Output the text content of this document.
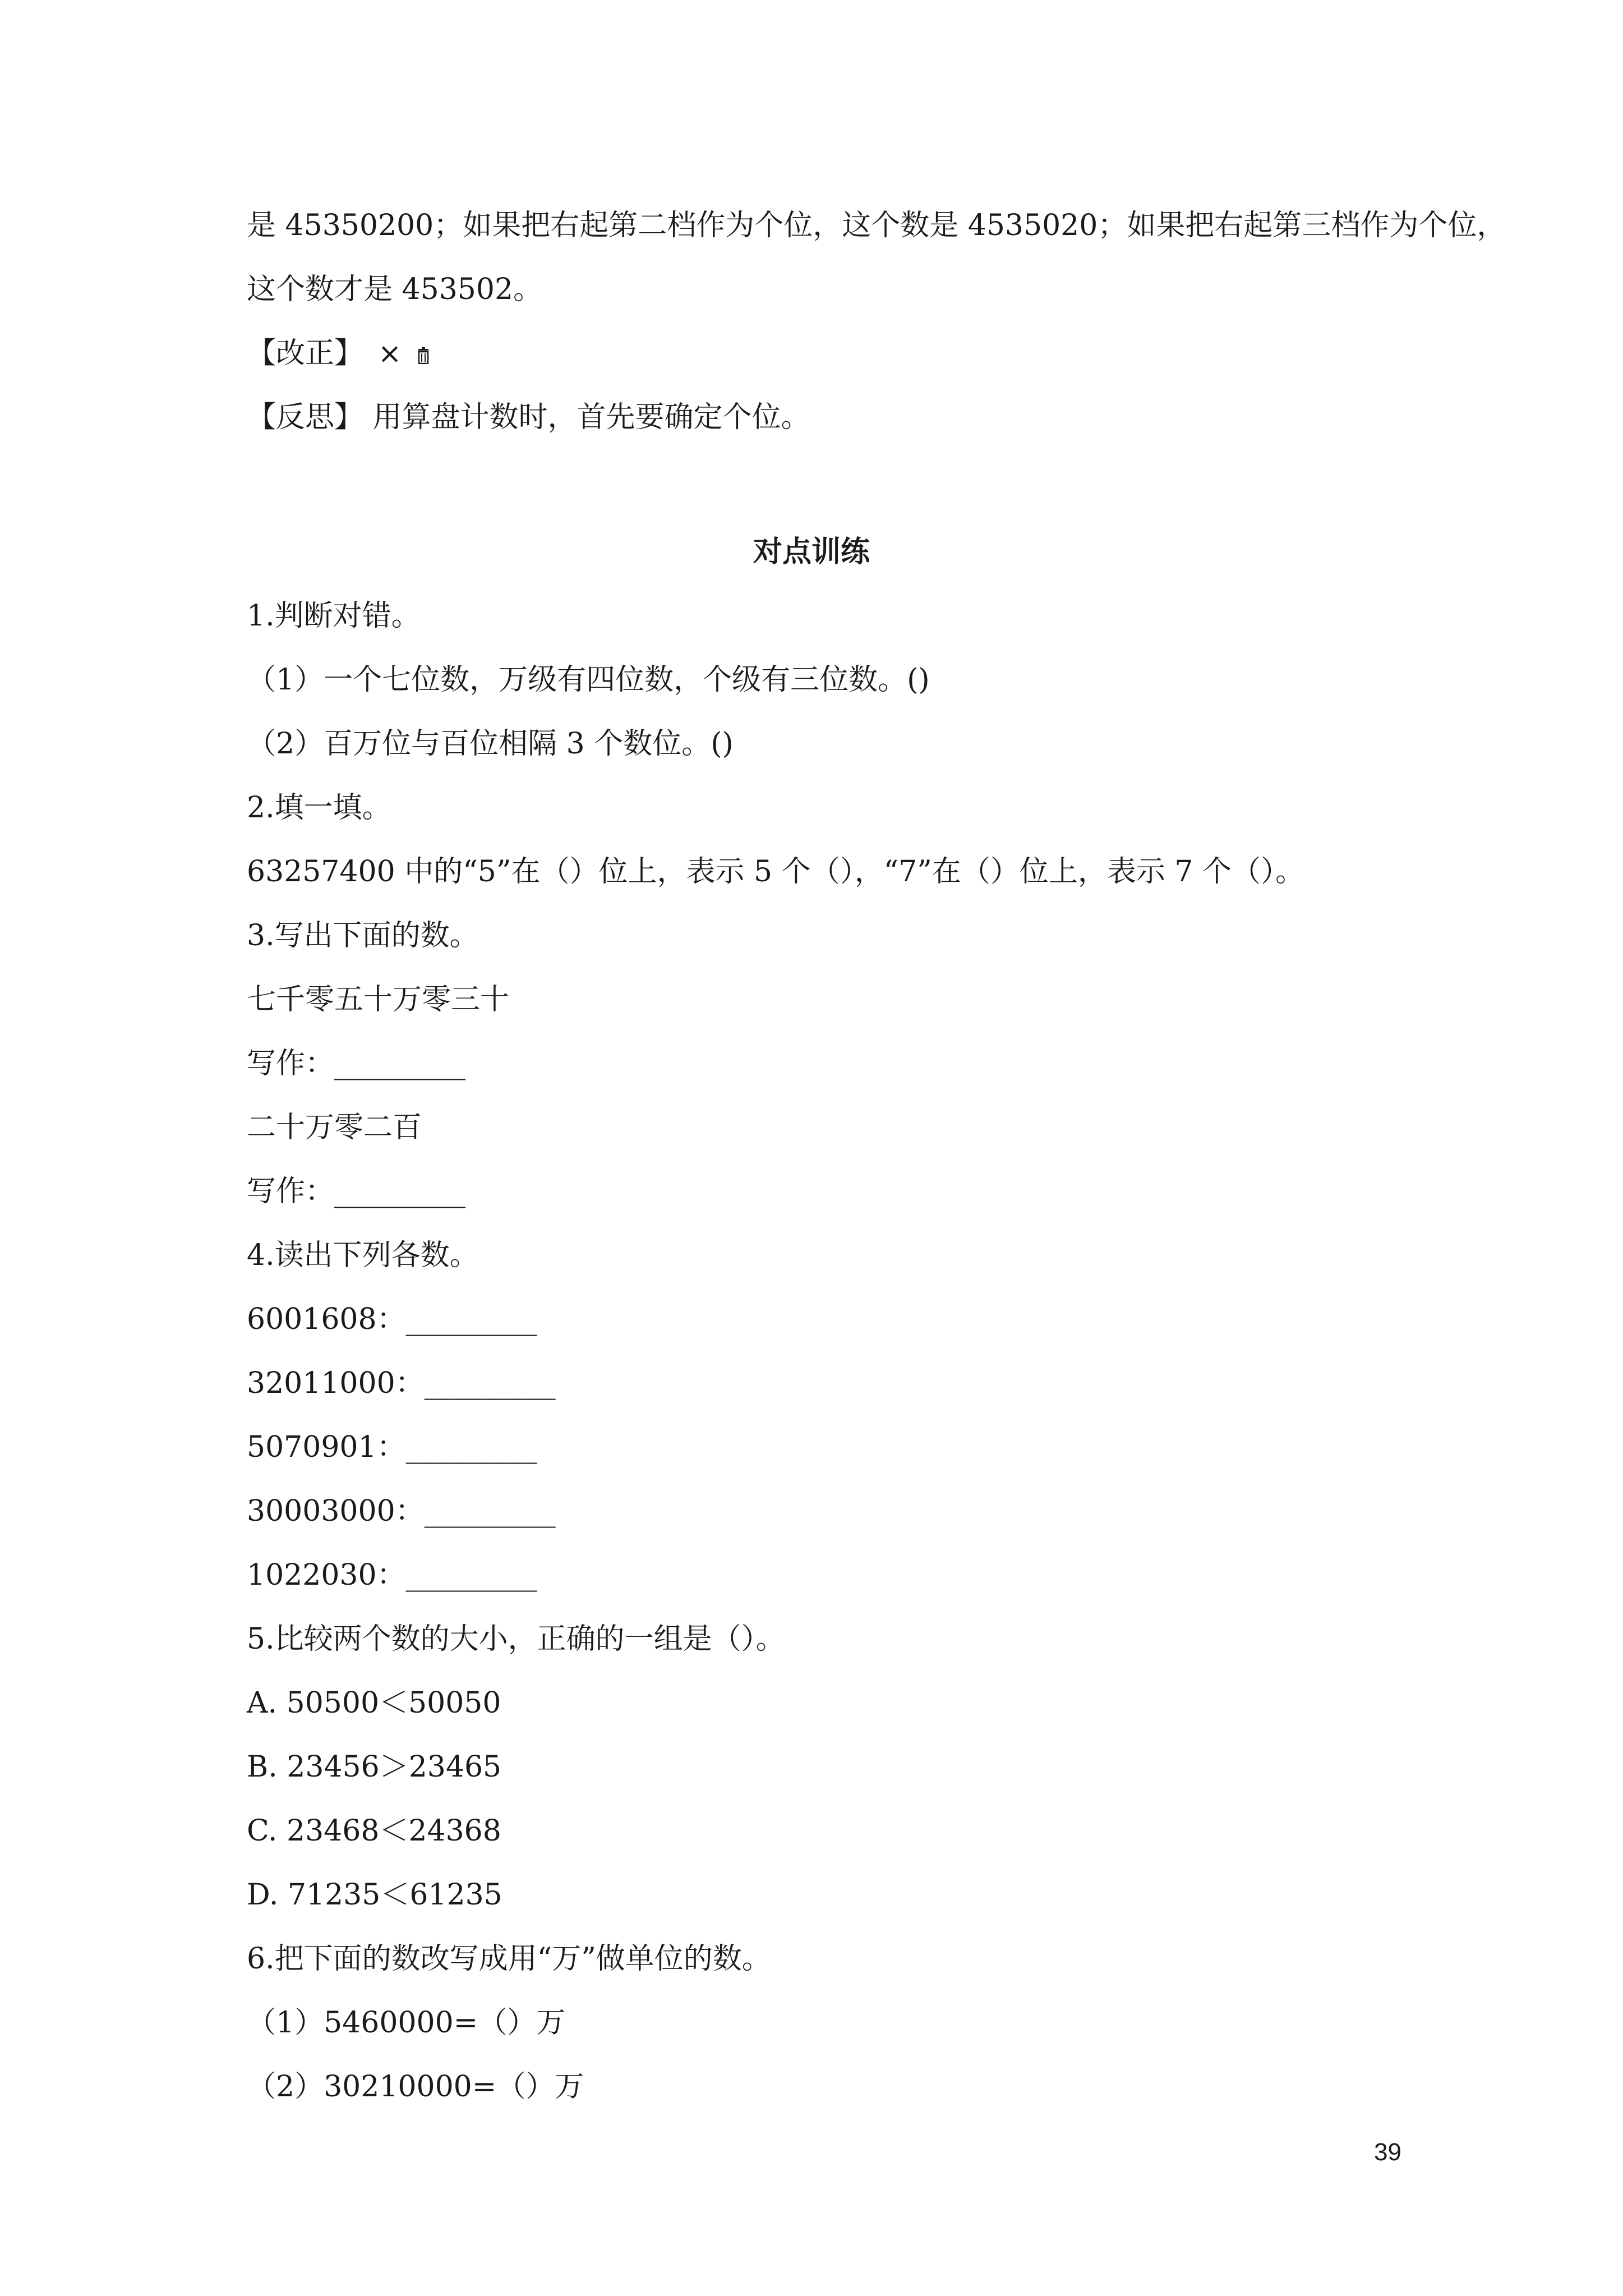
是 45350200；如果把右起第二档作为个位，这个数是 4535020；如果把右起第三档作为个位，
这个数才是 453502。
【改正】 ×
【反思】 用算盘计数时，首先要确定个位。
对点训练
1.判断对错。
（1）一个七位数，万级有四位数，个级有三位数。()
（2）百万位与百位相隔 3 个数位。()
2.填一填。
63257400 中的“5”在（）位上，表示 5 个（），“7”在（）位上，表示 7 个（）。
3.写出下面的数。
七千零五十万零三十
写作：_________
二十万零二百
写作：_________
4.读出下列各数。
6001608：_________
32011000：_________
5070901：_________
30003000：_________
1022030：_________
5.比较两个数的大小，正确的一组是（）。
A. 50500＜50050
B. 23456＞23465
C. 23468＜24368
D. 71235＜61235
6.把下面的数改写成用“万”做单位的数。
（1）5460000=（）万
（2）30210000=（）万
39
